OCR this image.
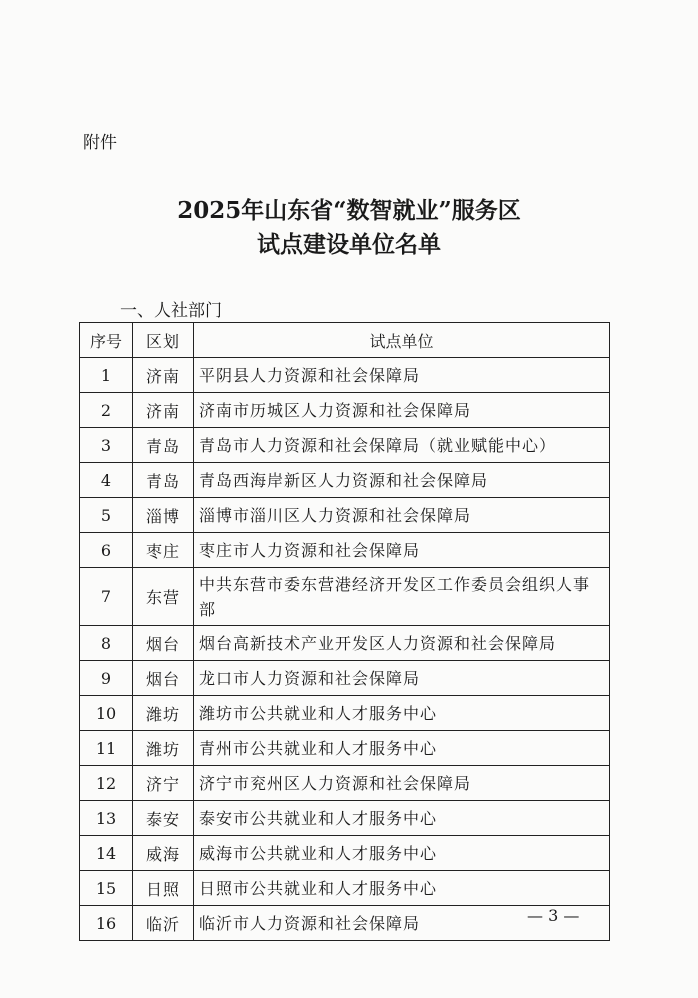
附件
2025年山东省“数智就业”服务区
试点建设单位名单
一、人社部门
序号	区划	试点单位
1	济南	平阴县人力资源和社会保障局
2	济南	济南市历城区人力资源和社会保障局
3	青岛	青岛市人力资源和社会保障局（就业赋能中心）
4	青岛	青岛西海岸新区人力资源和社会保障局
5	淄博	淄博市淄川区人力资源和社会保障局
6	枣庄	枣庄市人力资源和社会保障局
7	东营	中共东营市委东营港经济开发区工作委员会组织人事部
8	烟台	烟台高新技术产业开发区人力资源和社会保障局
9	烟台	龙口市人力资源和社会保障局
10	潍坊	潍坊市公共就业和人才服务中心
11	潍坊	青州市公共就业和人才服务中心
12	济宁	济宁市兖州区人力资源和社会保障局
13	泰安	泰安市公共就业和人才服务中心
14	威海	威海市公共就业和人才服务中心
15	日照	日照市公共就业和人才服务中心
16	临沂	临沂市人力资源和社会保障局	— 3 —
